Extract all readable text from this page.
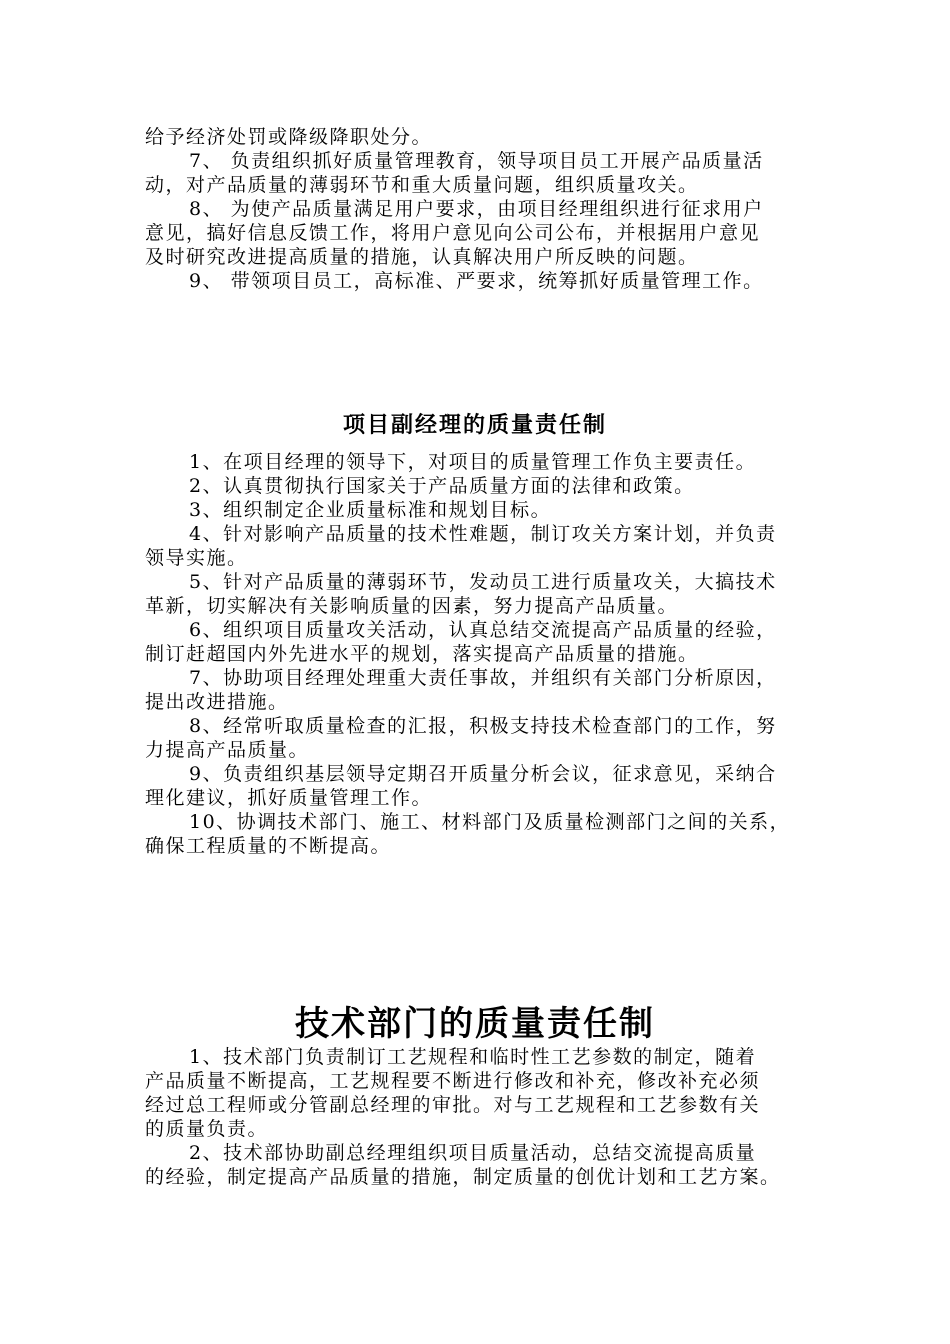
给予经济处罚或降级降职处分。
7、 负责组织抓好质量管理教育，领导项目员工开展产品质量活
动，对产品质量的薄弱环节和重大质量问题，组织质量攻关。
8、 为使产品质量满足用户要求，由项目经理组织进行征求用户
意见，搞好信息反馈工作，将用户意见向公司公布，并根据用户意见
及时研究改进提高质量的措施，认真解决用户所反映的问题。
9、 带领项目员工，高标准、严要求，统筹抓好质量管理工作。
项目副经理的质量责任制
1、在项目经理的领导下，对项目的质量管理工作负主要责任。
2、认真贯彻执行国家关于产品质量方面的法律和政策。
3、组织制定企业质量标准和规划目标。
4、针对影响产品质量的技术性难题，制订攻关方案计划，并负责
领导实施。
5、针对产品质量的薄弱环节，发动员工进行质量攻关，大搞技术
革新，切实解决有关影响质量的因素，努力提高产品质量。
6、组织项目质量攻关活动，认真总结交流提高产品质量的经验，
制订赶超国内外先进水平的规划，落实提高产品质量的措施。
7、协助项目经理处理重大责任事故，并组织有关部门分析原因，
提出改进措施。
8、经常听取质量检查的汇报，积极支持技术检查部门的工作，努
力提高产品质量。
9、负责组织基层领导定期召开质量分析会议，征求意见，采纳合
理化建议，抓好质量管理工作。
10、协调技术部门、施工、材料部门及质量检测部门之间的关系，
确保工程质量的不断提高。
技术部门的质量责任制
1、技术部门负责制订工艺规程和临时性工艺参数的制定，随着
产品质量不断提高，工艺规程要不断进行修改和补充，修改补充必须
经过总工程师或分管副总经理的审批。对与工艺规程和工艺参数有关
的质量负责。
2、技术部协助副总经理组织项目质量活动，总结交流提高质量
的经验，制定提高产品质量的措施，制定质量的创优计划和工艺方案。
